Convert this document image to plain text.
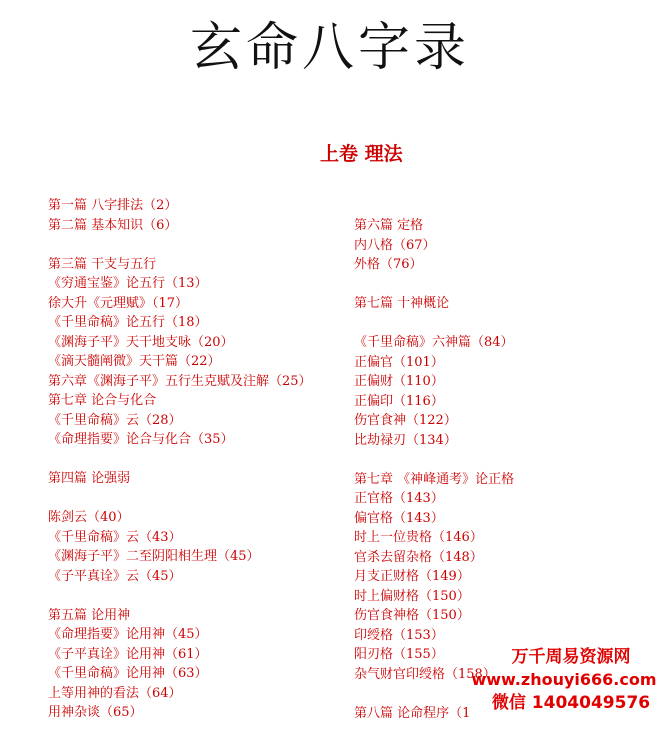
玄命八字录
上卷 理法
第一篇 八字排法（2）
第二篇 基本知识（6）
第三篇 干支与五行
《穷通宝鉴》论五行（13）
徐大升《元理赋》（17）
《千里命稿》论五行（18）
《渊海子平》天干地支咏（20）
《滴天髓阐微》天干篇（22）
第六章《渊海子平》五行生克赋及注解（25）
第七章 论合与化合
《千里命稿》云（28）
《命理指要》论合与化合（35）
第四篇 论强弱
陈剑云（40）
《千里命稿》云（43）
《渊海子平》二至阴阳相生理（45）
《子平真诠》云（45）
第五篇 论用神
《命理指要》论用神（45）
《子平真诠》论用神（61）
《千里命稿》论用神（63）
上等用神的看法（64）
用神杂谈（65）
第六篇 定格
内八格（67）
外格（76）
第七篇 十神概论
《千里命稿》六神篇（84）
正偏官（101）
正偏财（110）
正偏印（116）
伤官食神（122）
比劫禄刃（134）
第七章 《神峰通考》论正格
正官格（143）
偏官格（143）
时上一位贵格（146）
官杀去留杂格（148）
月支正财格（149）
时上偏财格（150）
伤官食神格（150）
印绶格（153）
阳刃格（155）
杂气财官印绶格（158）
第八篇 论命程序（1
万千周易资源网
www.zhouyi666.com
微信 1404049576
